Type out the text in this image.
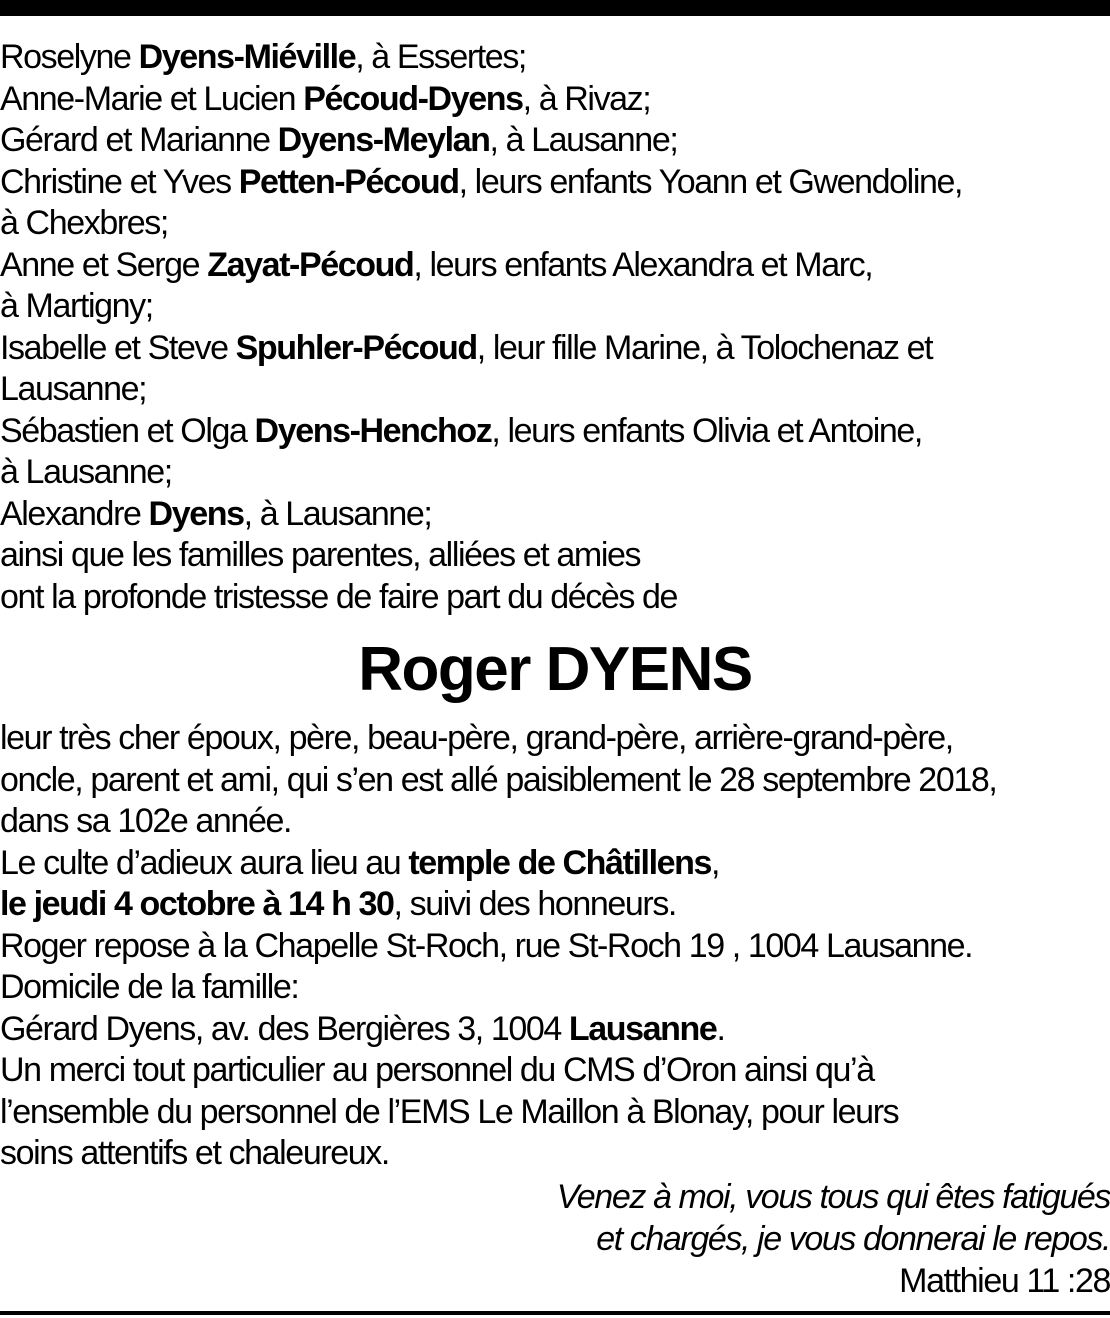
Roselyne Dyens-Miéville, à Essertes;
Anne-Marie et Lucien Pécoud-Dyens, à Rivaz;
Gérard et Marianne Dyens-Meylan, à Lausanne;
Christine et Yves Petten-Pécoud, leurs enfants Yoann et Gwendoline,
à Chexbres;
Anne et Serge Zayat-Pécoud, leurs enfants Alexandra et Marc,
à Martigny;
Isabelle et Steve Spuhler-Pécoud, leur fille Marine, à Tolochenaz et
Lausanne;
Sébastien et Olga Dyens-Henchoz, leurs enfants Olivia et Antoine,
à Lausanne;
Alexandre Dyens, à Lausanne;
ainsi que les familles parentes, alliées et amies
ont la profonde tristesse de faire part du décès de
Roger DYENS
leur très cher époux, père, beau-père, grand-père, arrière-grand-père,
oncle, parent et ami, qui s’en est allé paisiblement le 28 septembre 2018,
dans sa 102e année.
Le culte d’adieux aura lieu au temple de Châtillens,
le jeudi 4 octobre à 14 h 30, suivi des honneurs.
Roger repose à la Chapelle St-Roch, rue St-Roch 19 , 1004 Lausanne.
Domicile de la famille:
Gérard Dyens, av. des Bergières 3, 1004 Lausanne.
Un merci tout particulier au personnel du CMS d’Oron ainsi qu’à
l’ensemble du personnel de l’EMS Le Maillon à Blonay, pour leurs
soins attentifs et chaleureux.
Venez à moi, vous tous qui êtes fatigués
et chargés, je vous donnerai le repos.
Matthieu 11 :28
